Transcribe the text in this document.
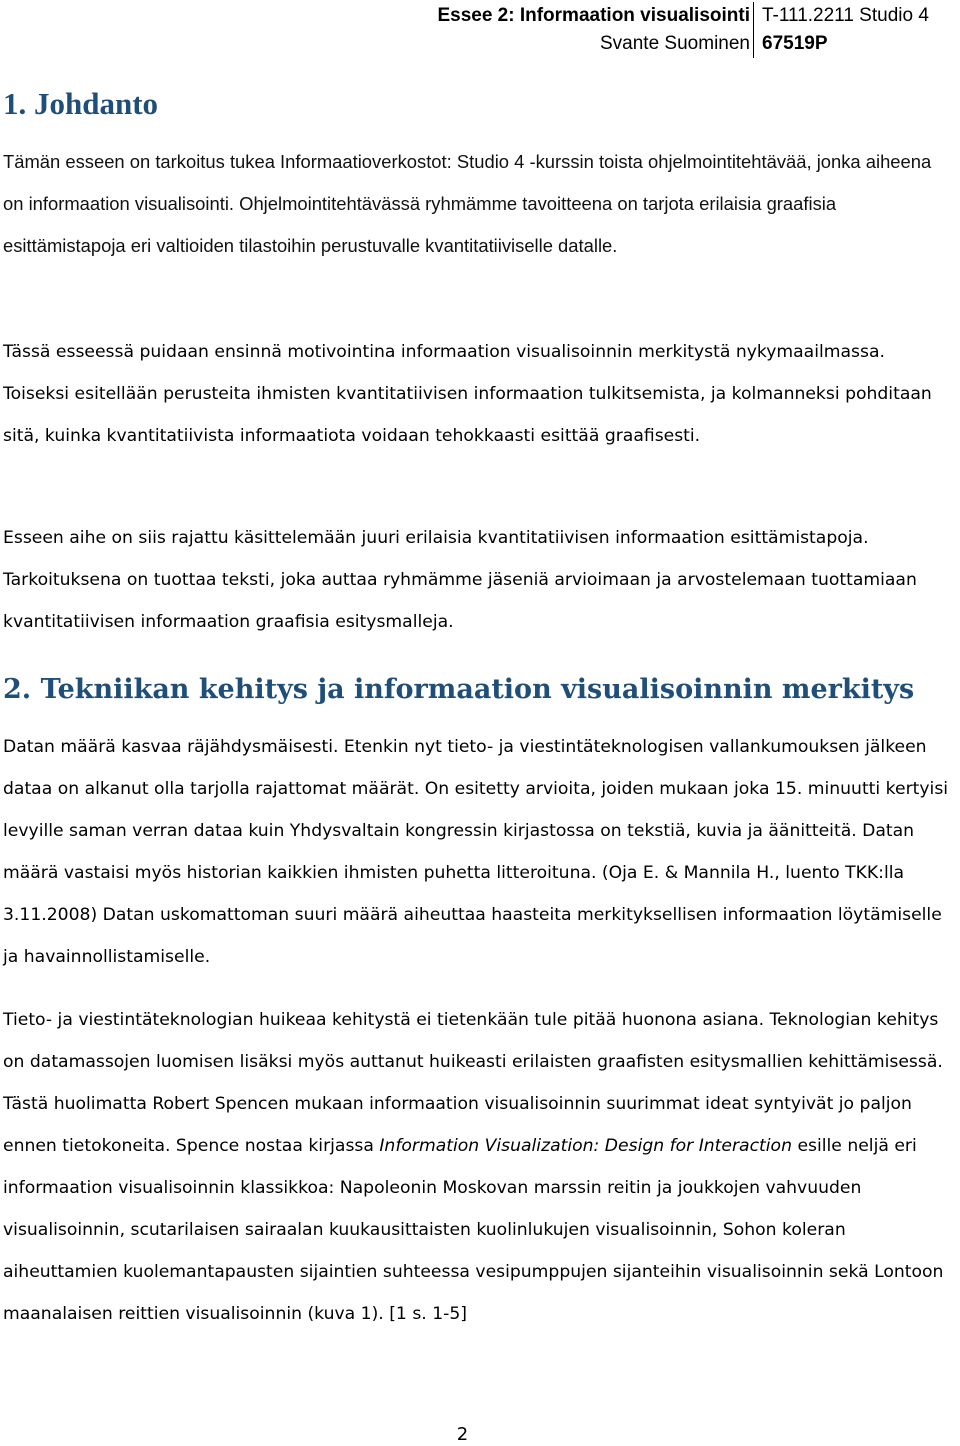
Essee 2: Informaation visualisointi
Svante Suominen
T-111.2211 Studio 4
67519P
1. Johdanto

Tämän esseen on tarkoitus tukea Informaatioverkostot: Studio 4 -kurssin toista ohjelmointitehtävää, jonka aiheena on informaation visualisointi. Ohjelmointitehtävässä ryhmämme tavoitteena on tarjota erilaisia graafisia esittämistapoja eri valtioiden tilastoihin perustuvalle kvantitatiiviselle datalle.

Tässä esseessä puidaan ensinnä motivointina informaation visualisoinnin merkitystä nykymaailmassa. Toiseksi esitellään perusteita ihmisten kvantitatiivisen informaation tulkitsemista, ja kolmanneksi pohditaan sitä, kuinka kvantitatiivista informaatiota voidaan tehokkaasti esittää graafisesti.

Esseen aihe on siis rajattu käsittelemään juuri erilaisia kvantitatiivisen informaation esittämistapoja. Tarkoituksena on tuottaa teksti, joka auttaa ryhmämme jäseniä arvioimaan ja arvostelemaan tuottamiaan kvantitatiivisen informaation graafisia esitysmalleja.

2. Tekniikan kehitys ja informaation visualisoinnin merkitys

Datan määrä kasvaa räjähdysmäisesti. Etenkin nyt tieto- ja viestintäteknologisen vallankumouksen jälkeen dataa on alkanut olla tarjolla rajattomat määrät. On esitetty arvioita, joiden mukaan joka 15. minuutti kertyisi levyille saman verran dataa kuin Yhdysvaltain kongressin kirjastossa on tekstiä, kuvia ja äänitteitä. Datan määrä vastaisi myös historian kaikkien ihmisten puhetta litteroituna. (Oja E. & Mannila H., luento TKK:lla 3.11.2008) Datan uskomattoman suuri määrä aiheuttaa haasteita merkityksellisen informaation löytämiselle ja havainnollistamiselle.

Tieto- ja viestintäteknologian huikeaa kehitystä ei tietenkään tule pitää huonona asiana. Teknologian kehitys on datamassojen luomisen lisäksi myös auttanut huikeasti erilaisten graafisten esitysmallien kehittämisessä. Tästä huolimatta Robert Spencen mukaan informaation visualisoinnin suurimmat ideat syntyivät jo paljon ennen tietokoneita. Spence nostaa kirjassa Information Visualization: Design for Interaction esille neljä eri informaation visualisoinnin klassikkoa: Napoleonin Moskovan marssin reitin ja joukkojen vahvuuden visualisoinnin, scutarilaisen sairaalan kuukausittaisten kuolinlukujen visualisoinnin, Sohon koleran aiheuttamien kuolemantapausten sijaintien suhteessa vesipumppujen sijanteihin visualisoinnin sekä Lontoon maanalaisen reittien visualisoinnin (kuva 1). [1 s. 1-5]

2
